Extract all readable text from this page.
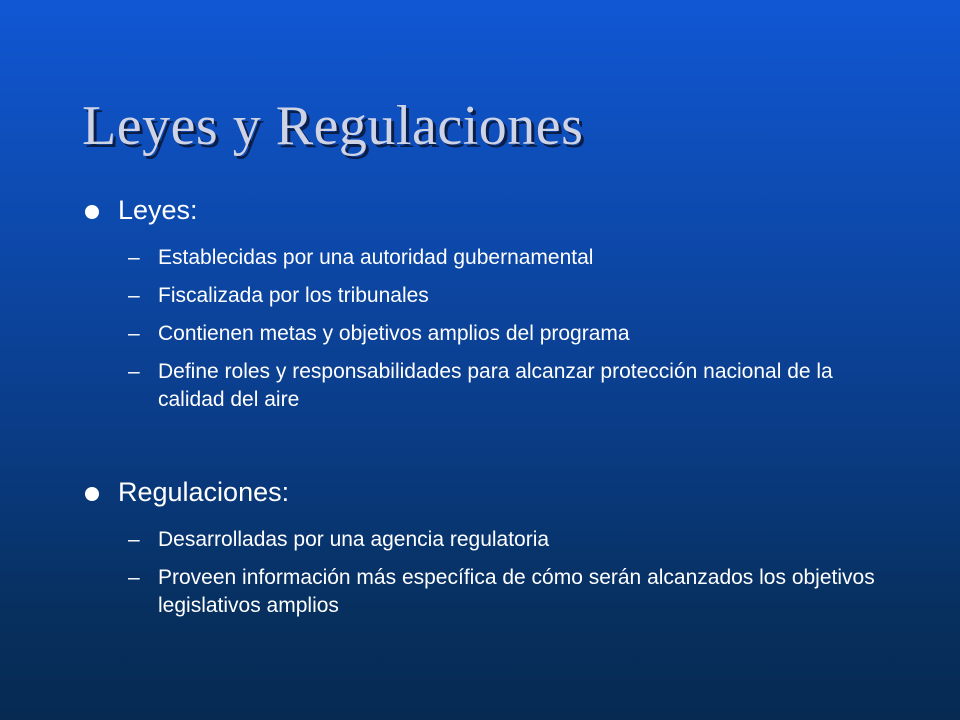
Leyes y Regulaciones
Leyes:
– Establecidas por una autoridad gubernamental
– Fiscalizada por los tribunales
– Contienen metas y objetivos amplios del programa
– Define roles y responsabilidades para alcanzar protección nacional de la calidad del aire
Regulaciones:
– Desarrolladas por una agencia regulatoria
– Proveen información más específica de cómo serán alcanzados los objetivos legislativos amplios
